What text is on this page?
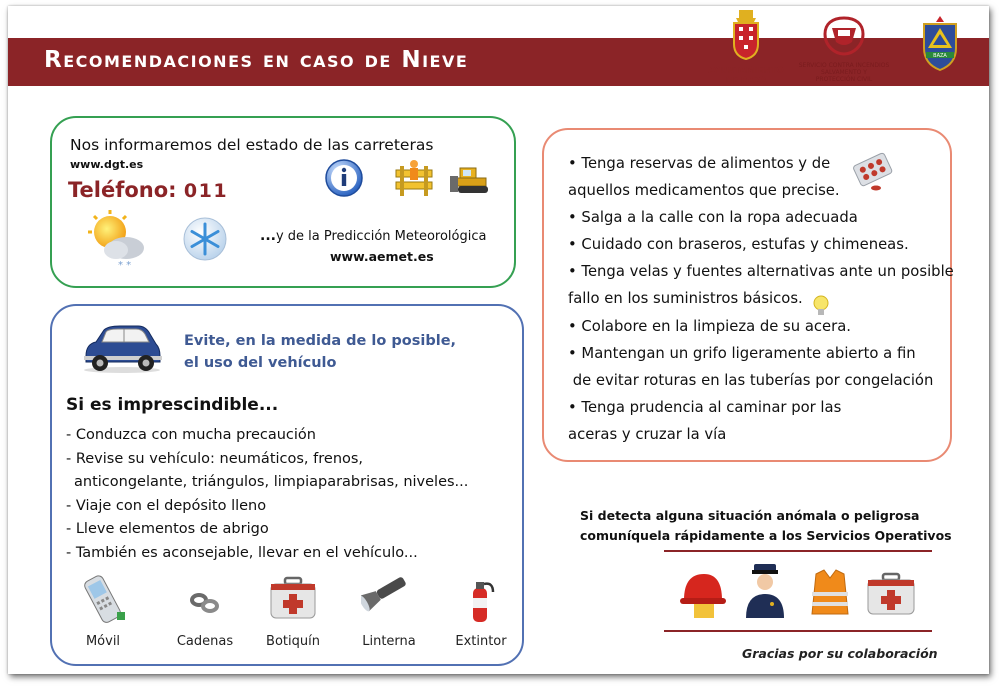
Recomendaciones en caso de Nieve	AYUNTAMIENTO
DE BAZA
SERVICIO CONTRA INCENDIOS
SALVAMENTO Y
PROTECCIÓN CIVIL
BAZA
Nos informaremos del estado de las carreteras
www.dgt.es
Teléfono: 011
* *
...y de la Predicción Meteorológica
www.aemet.es
Evite, en la medida de lo posible,
el uso del vehículo
Si es imprescindible...
- Conduzca con mucha precaución
- Revise su vehículo: neumáticos, frenos,
anticongelante, triángulos, limpiaparabrisas, niveles...
- Viaje con el depósito lleno
- Lleve elementos de abrigo
- También es aconsejable, llevar en el vehículo...
Móvil	Cadenas	Botiquín	Linterna	Extintor
• Tenga reservas de alimentos y de
aquellos medicamentos que precise.
• Salga a la calle con la ropa adecuada
• Cuidado con braseros, estufas y chimeneas.
• Tenga velas y fuentes alternativas ante un posible
fallo en los suministros básicos.
• Colabore en la limpieza de su acera.
• Mantengan un grifo ligeramente abierto a fin
de evitar roturas en las tuberías por congelación
• Tenga prudencia al caminar por las
aceras y cruzar la vía
Si detecta alguna situación anómala o peligrosa
comuníquela rápidamente a los Servicios Operativos
Gracias por su colaboración
